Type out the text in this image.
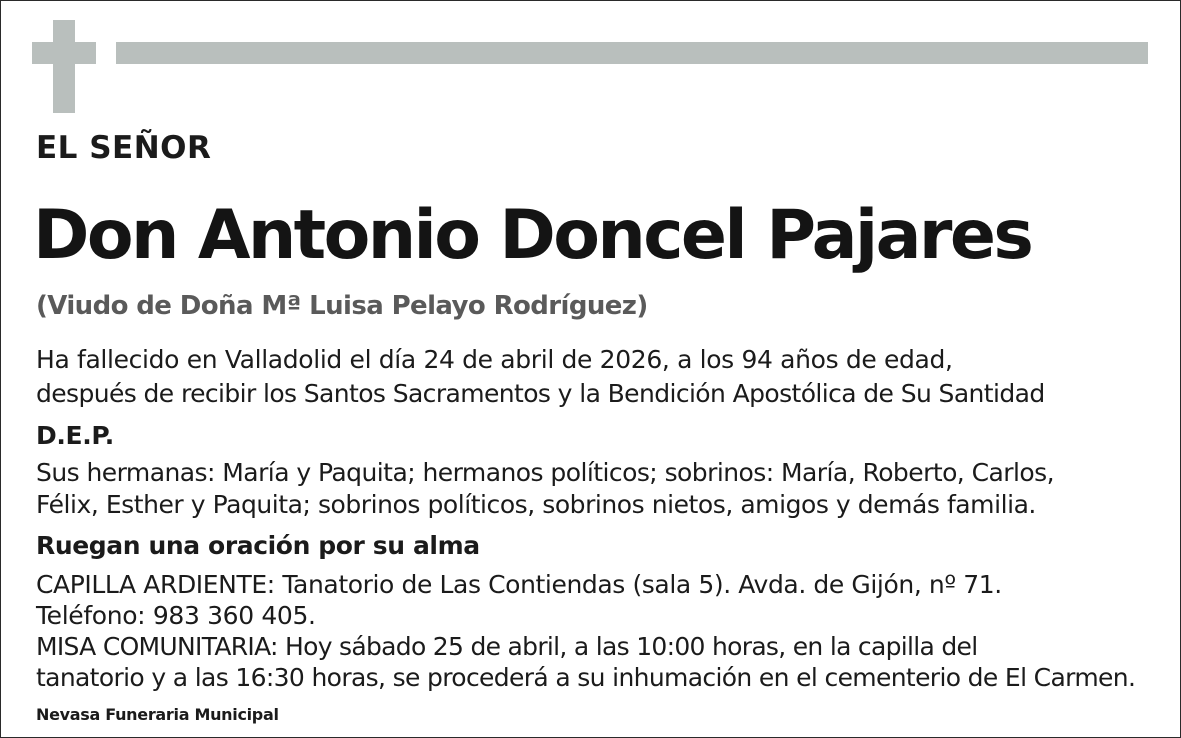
EL SEÑOR
Don Antonio Doncel Pajares
(Viudo de Doña Mª Luisa Pelayo Rodríguez)
Ha fallecido en Valladolid el día 24 de abril de 2026, a los 94 años de edad,
después de recibir los Santos Sacramentos y la Bendición Apostólica de Su Santidad
D.E.P.
Sus hermanas: María y Paquita; hermanos políticos; sobrinos: María, Roberto, Carlos,
Félix, Esther y Paquita; sobrinos políticos, sobrinos nietos, amigos y demás familia.
Ruegan una oración por su alma
CAPILLA ARDIENTE: Tanatorio de Las Contiendas (sala 5). Avda. de Gijón, nº 71.
Teléfono: 983 360 405.
MISA COMUNITARIA: Hoy sábado 25 de abril, a las 10:00 horas, en la capilla del
tanatorio y a las 16:30 horas, se procederá a su inhumación en el cementerio de El Carmen.
Nevasa Funeraria Municipal
